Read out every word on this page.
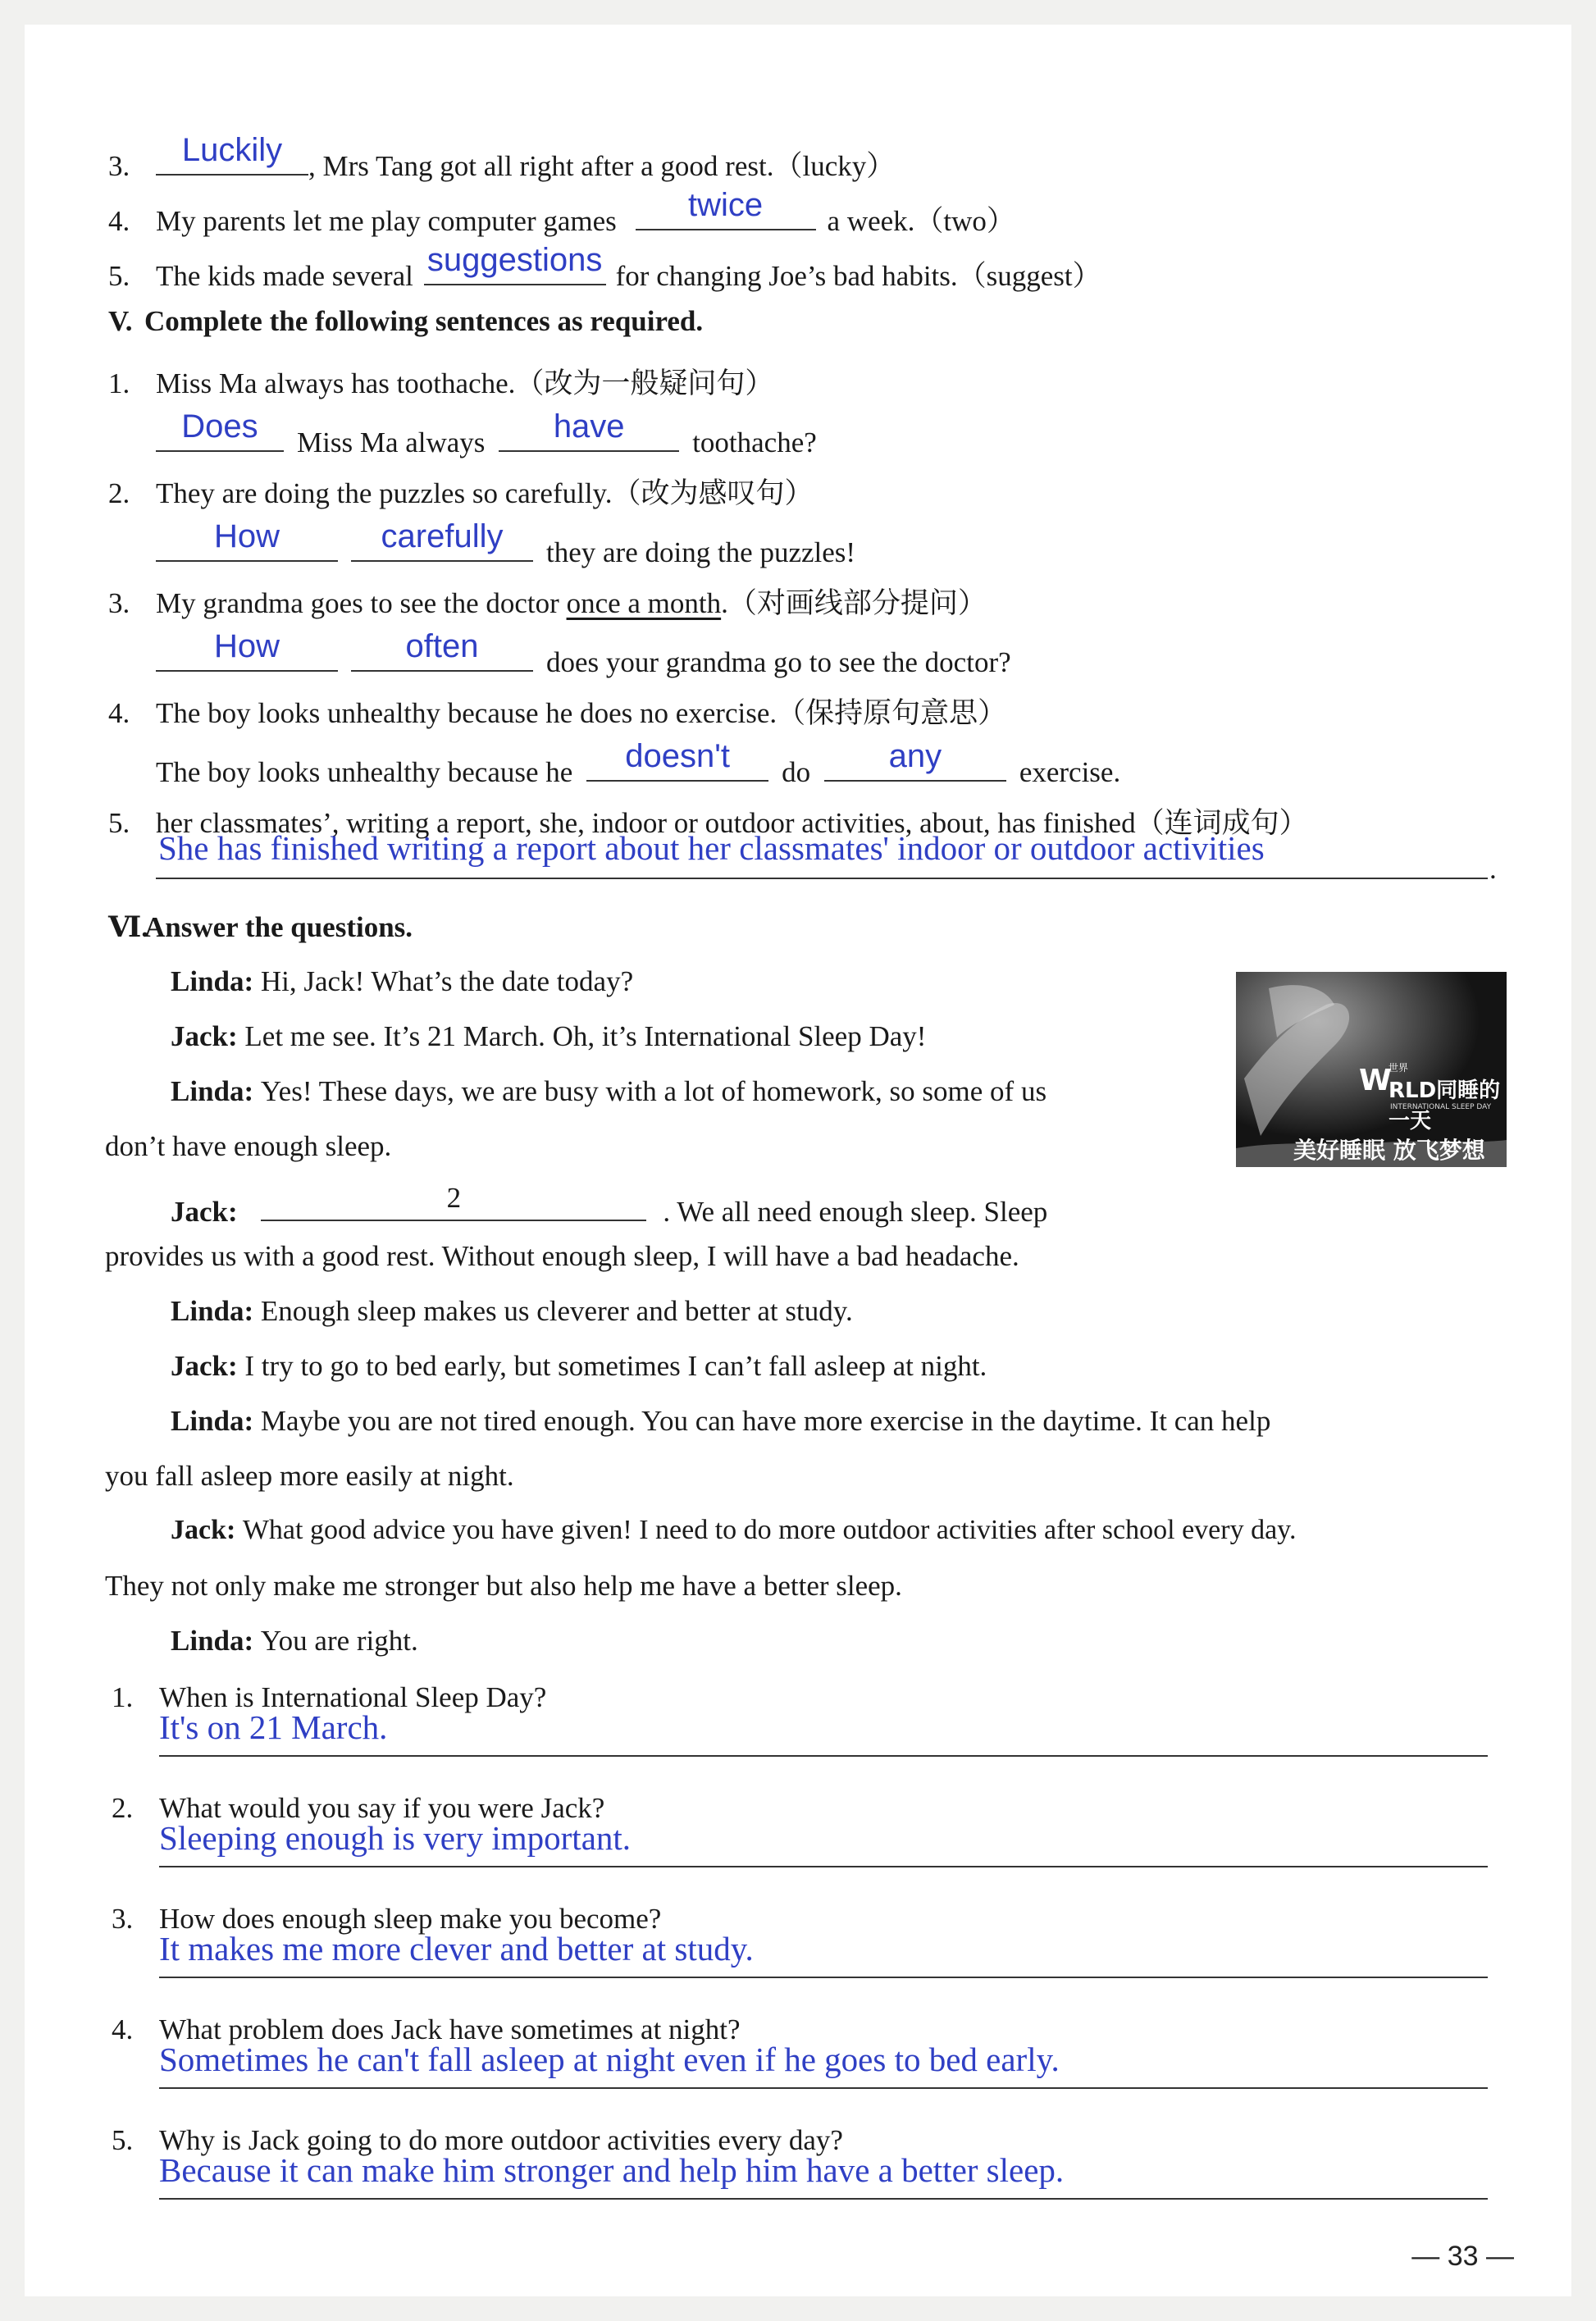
3.	Luckily , Mrs Tang got all right after a good rest.（lucky）
4. My parents let me play computer games	twice	a week.（two）
5. The kids made several suggestions for changing Joe’s bad habits.（suggest）
V. Complete the following sentences as required.
1. Miss Ma always has toothache.（改为一般疑问句）
Does	Miss Ma always	have	toothache?
2. They are doing the puzzles so carefully.（改为感叹句）
How	carefully	they are doing the puzzles!
3. My grandma goes to see the doctor once a month.（对画线部分提问）
How	often	does your grandma go to see the doctor?
4. The boy looks unhealthy because he does no exercise.（保持原句意思）
The boy looks unhealthy because he	doesn't	do	any	exercise.
5. her classmates’, writing a report, she, indoor or outdoor activities, about, has finished（连词成句）
She has finished writing a report about her classmates' indoor or outdoor activities
.
Ⅵ.Answer the questions.
Linda: Hi, Jack! What’s the date today?
Jack: Let me see. It’s 21 March. Oh, it’s International Sleep Day!
Linda: Yes! These days, we are busy with a lot of homework, so some of us
don’t have enough sleep.
Jack:	2	. We all need enough sleep. Sleep
provides us with a good rest. Without enough sleep, I will have a bad headache.
Linda: Enough sleep makes us cleverer and better at study.
Jack: I try to go to bed early, but sometimes I can’t fall asleep at night.
Linda: Maybe you are not tired enough. You can have more exercise in the daytime. It can help
you fall asleep more easily at night.
Jack: What good advice you have given! I need to do more outdoor activities after school every day.
They not only make me stronger but also help me have a better sleep.
Linda: You are right.
W
世界
RLD同睡的一天
INTERNATIONAL SLEEP DAY
美好睡眠 放飞梦想
1. When is International Sleep Day?
It's on 21 March.
2. What would you say if you were Jack?
Sleeping enough is very important.
3. How does enough sleep make you become?
It makes me more clever and better at study.
4. What problem does Jack have sometimes at night?
Sometimes he can't fall asleep at night even if he goes to bed early.
5. Why is Jack going to do more outdoor activities every day?
Because it can make him stronger and help him have a better sleep.
— 33 —
